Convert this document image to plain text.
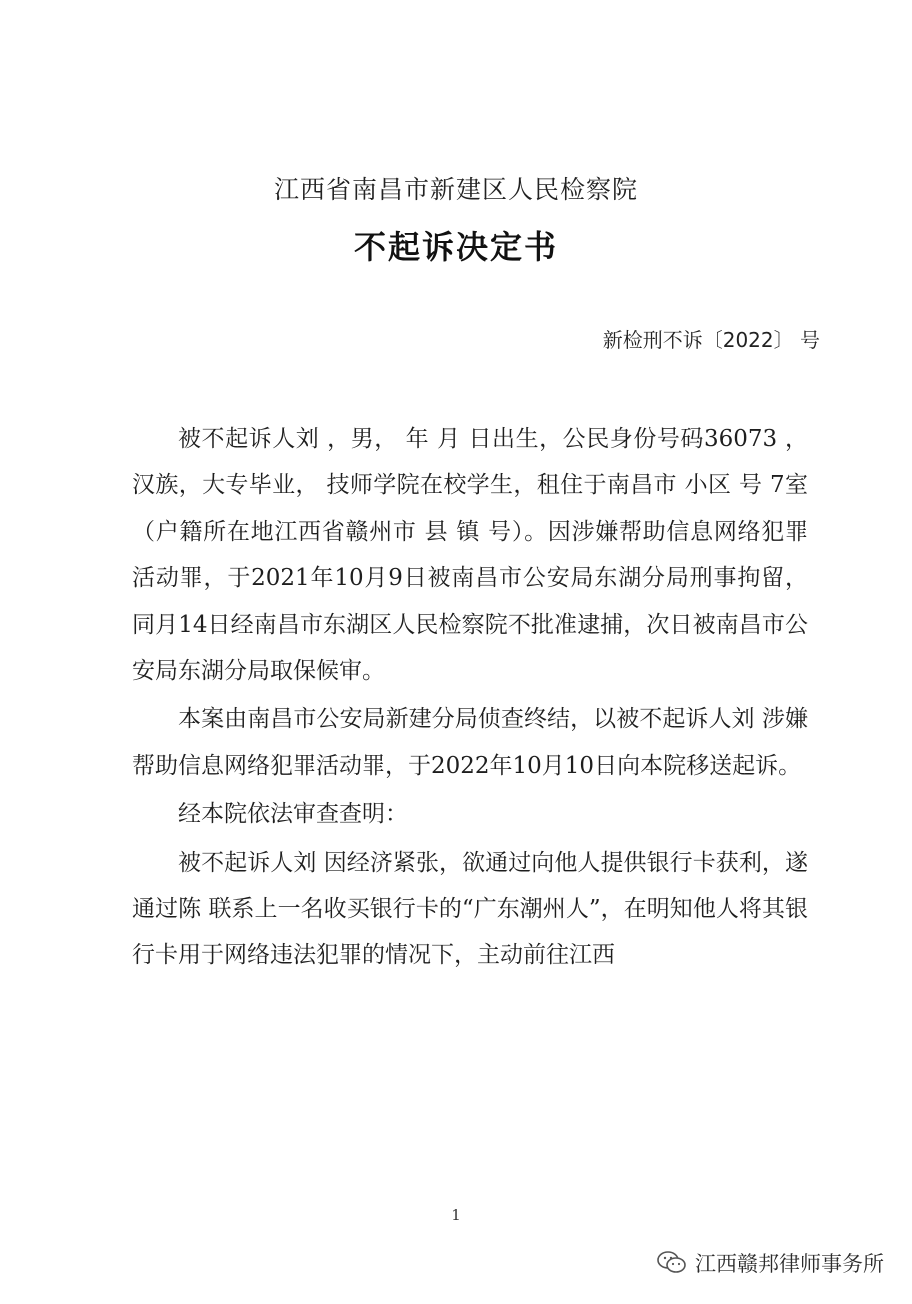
江西省南昌市新建区人民检察院
不起诉决定书
新检刑不诉〔2022〕 号

被不起诉人刘 ，男， 年 月 日出生，公民身份号码36073 ，汉族，大专毕业， 技师学院在校学生，租住于南昌市 小区 号 7室（户籍所在地江西省赣州市 县 镇 号）。因涉嫌帮助信息网络犯罪活动罪，于2021年10月9日被南昌市公安局东湖分局刑事拘留，同月14日经南昌市东湖区人民检察院不批准逮捕，次日被南昌市公安局东湖分局取保候审。

本案由南昌市公安局新建分局侦查终结，以被不起诉人刘 涉嫌帮助信息网络犯罪活动罪，于2022年10月10日向本院移送起诉。

经本院依法审查查明：

被不起诉人刘 因经济紧张，欲通过向他人提供银行卡获利，遂通过陈 联系上一名收买银行卡的“广东潮州人”，在明知他人将其银行卡用于网络违法犯罪的情况下，主动前往江西

1
江西赣邦律师事务所
